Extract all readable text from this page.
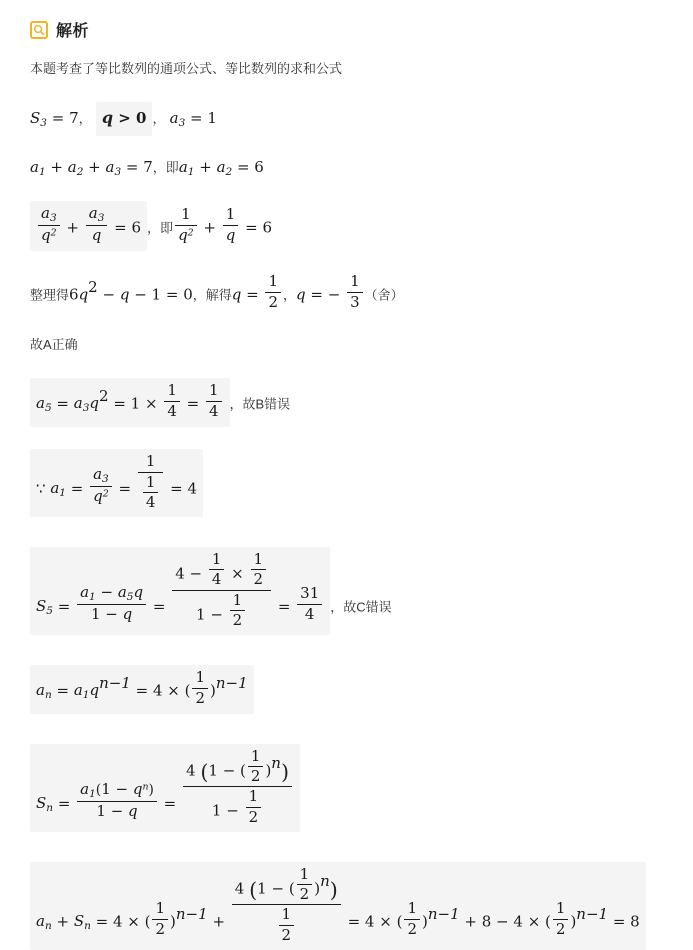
解析
本题考查了等比数列的通项公式、等比数列的求和公式
$S_3 = 7$， q > 0 ， $a_3 = 1$
$a_1 + a_2 + a_3 = 7$，即$a_1 + a_2 = 6$
$\frac{a_3}{q^2} + \frac{a_3}{q} = 6$ ，即 $\frac{1}{q^2} + \frac{1}{q} = 6$
整理得$6q^2 - q - 1 = 0$，解得$q = \frac{1}{2}$ ，q = − $\frac{1}{3}$ （舍）
故A正确
$a_5 = a_3q^2 = 1 \times \frac{1}{4} = \frac{1}{4}$ ，故B错误
∵ $a_1 = \frac{a_3}{q^2} = \frac{1}{\frac{1}{4}} = 4$
$S_5 = \frac{a_1 - a_5q}{1 - q} = \frac{4 - \frac{1}{4} \times \frac{1}{2}}{1 - \frac{1}{2}} = \frac{31}{4}$ ，故C错误
$a_n = a_1q^{n-1} = 4$ × ( $\frac{1}{2} )^{n-1}$
$S_n = \frac{a_1(1 - q^n)}{1 - q} = \frac{4 (1 - ( \frac{1}{2} )^n)}{1 - \frac{1}{2}}$
$a_n + S_n = 4$ × ( $\frac{1}{2} )^{n-1} + \frac{4 (1 - ( \frac{1}{2} )^n)}{\frac{1}{2}} = 4$ × ( $\frac{1}{2} )^{n-1} + 8 - 4$ × ( $\frac{1}{2} )^{n-1} = 8$
